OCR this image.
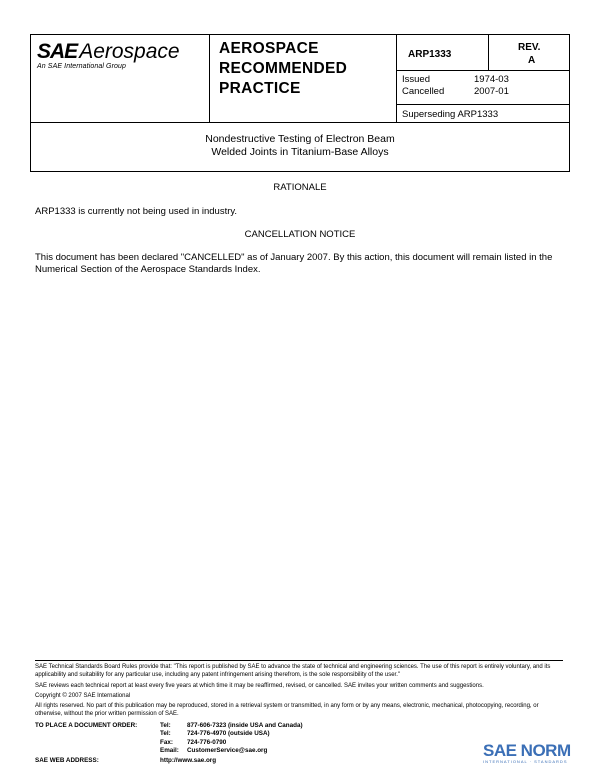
SAEAerospace
An SAE International Group
AEROSPACE
RECOMMENDED
PRACTICE
ARP1333
REV.
A
Issued	1974-03
Cancelled	2007-01
Superseding ARP1333
Nondestructive Testing of Electron Beam
Welded Joints in Titanium-Base Alloys
RATIONALE
ARP1333 is currently not being used in industry.
CANCELLATION NOTICE
This document has been declared "CANCELLED" as of January 2007. By this action, this document will remain listed in the Numerical Section of the Aerospace Standards Index.
SAE Technical Standards Board Rules provide that: "This report is published by SAE to advance the state of technical and engineering sciences. The use of this report is entirely voluntary, and its applicability and suitability for any particular use, including any patent infringement arising therefrom, is the sole responsibility of the user."
SAE reviews each technical report at least every five years at which time it may be reaffirmed, revised, or cancelled. SAE invites your written comments and suggestions.
Copyright © 2007 SAE International
All rights reserved. No part of this publication may be reproduced, stored in a retrieval system or transmitted, in any form or by any means, electronic, mechanical, photocopying, recording, or otherwise, without the prior written permission of SAE.
TO PLACE A DOCUMENT ORDER:	Tel:	877-606-7323 (inside USA and Canada)
Tel:	724-776-4970 (outside USA)
Fax: 724-776-0790
Email: CustomerService@sae.org
SAE WEB ADDRESS:	http://www.sae.org
SAE NORM
INTERNATIONAL · STANDARDS
